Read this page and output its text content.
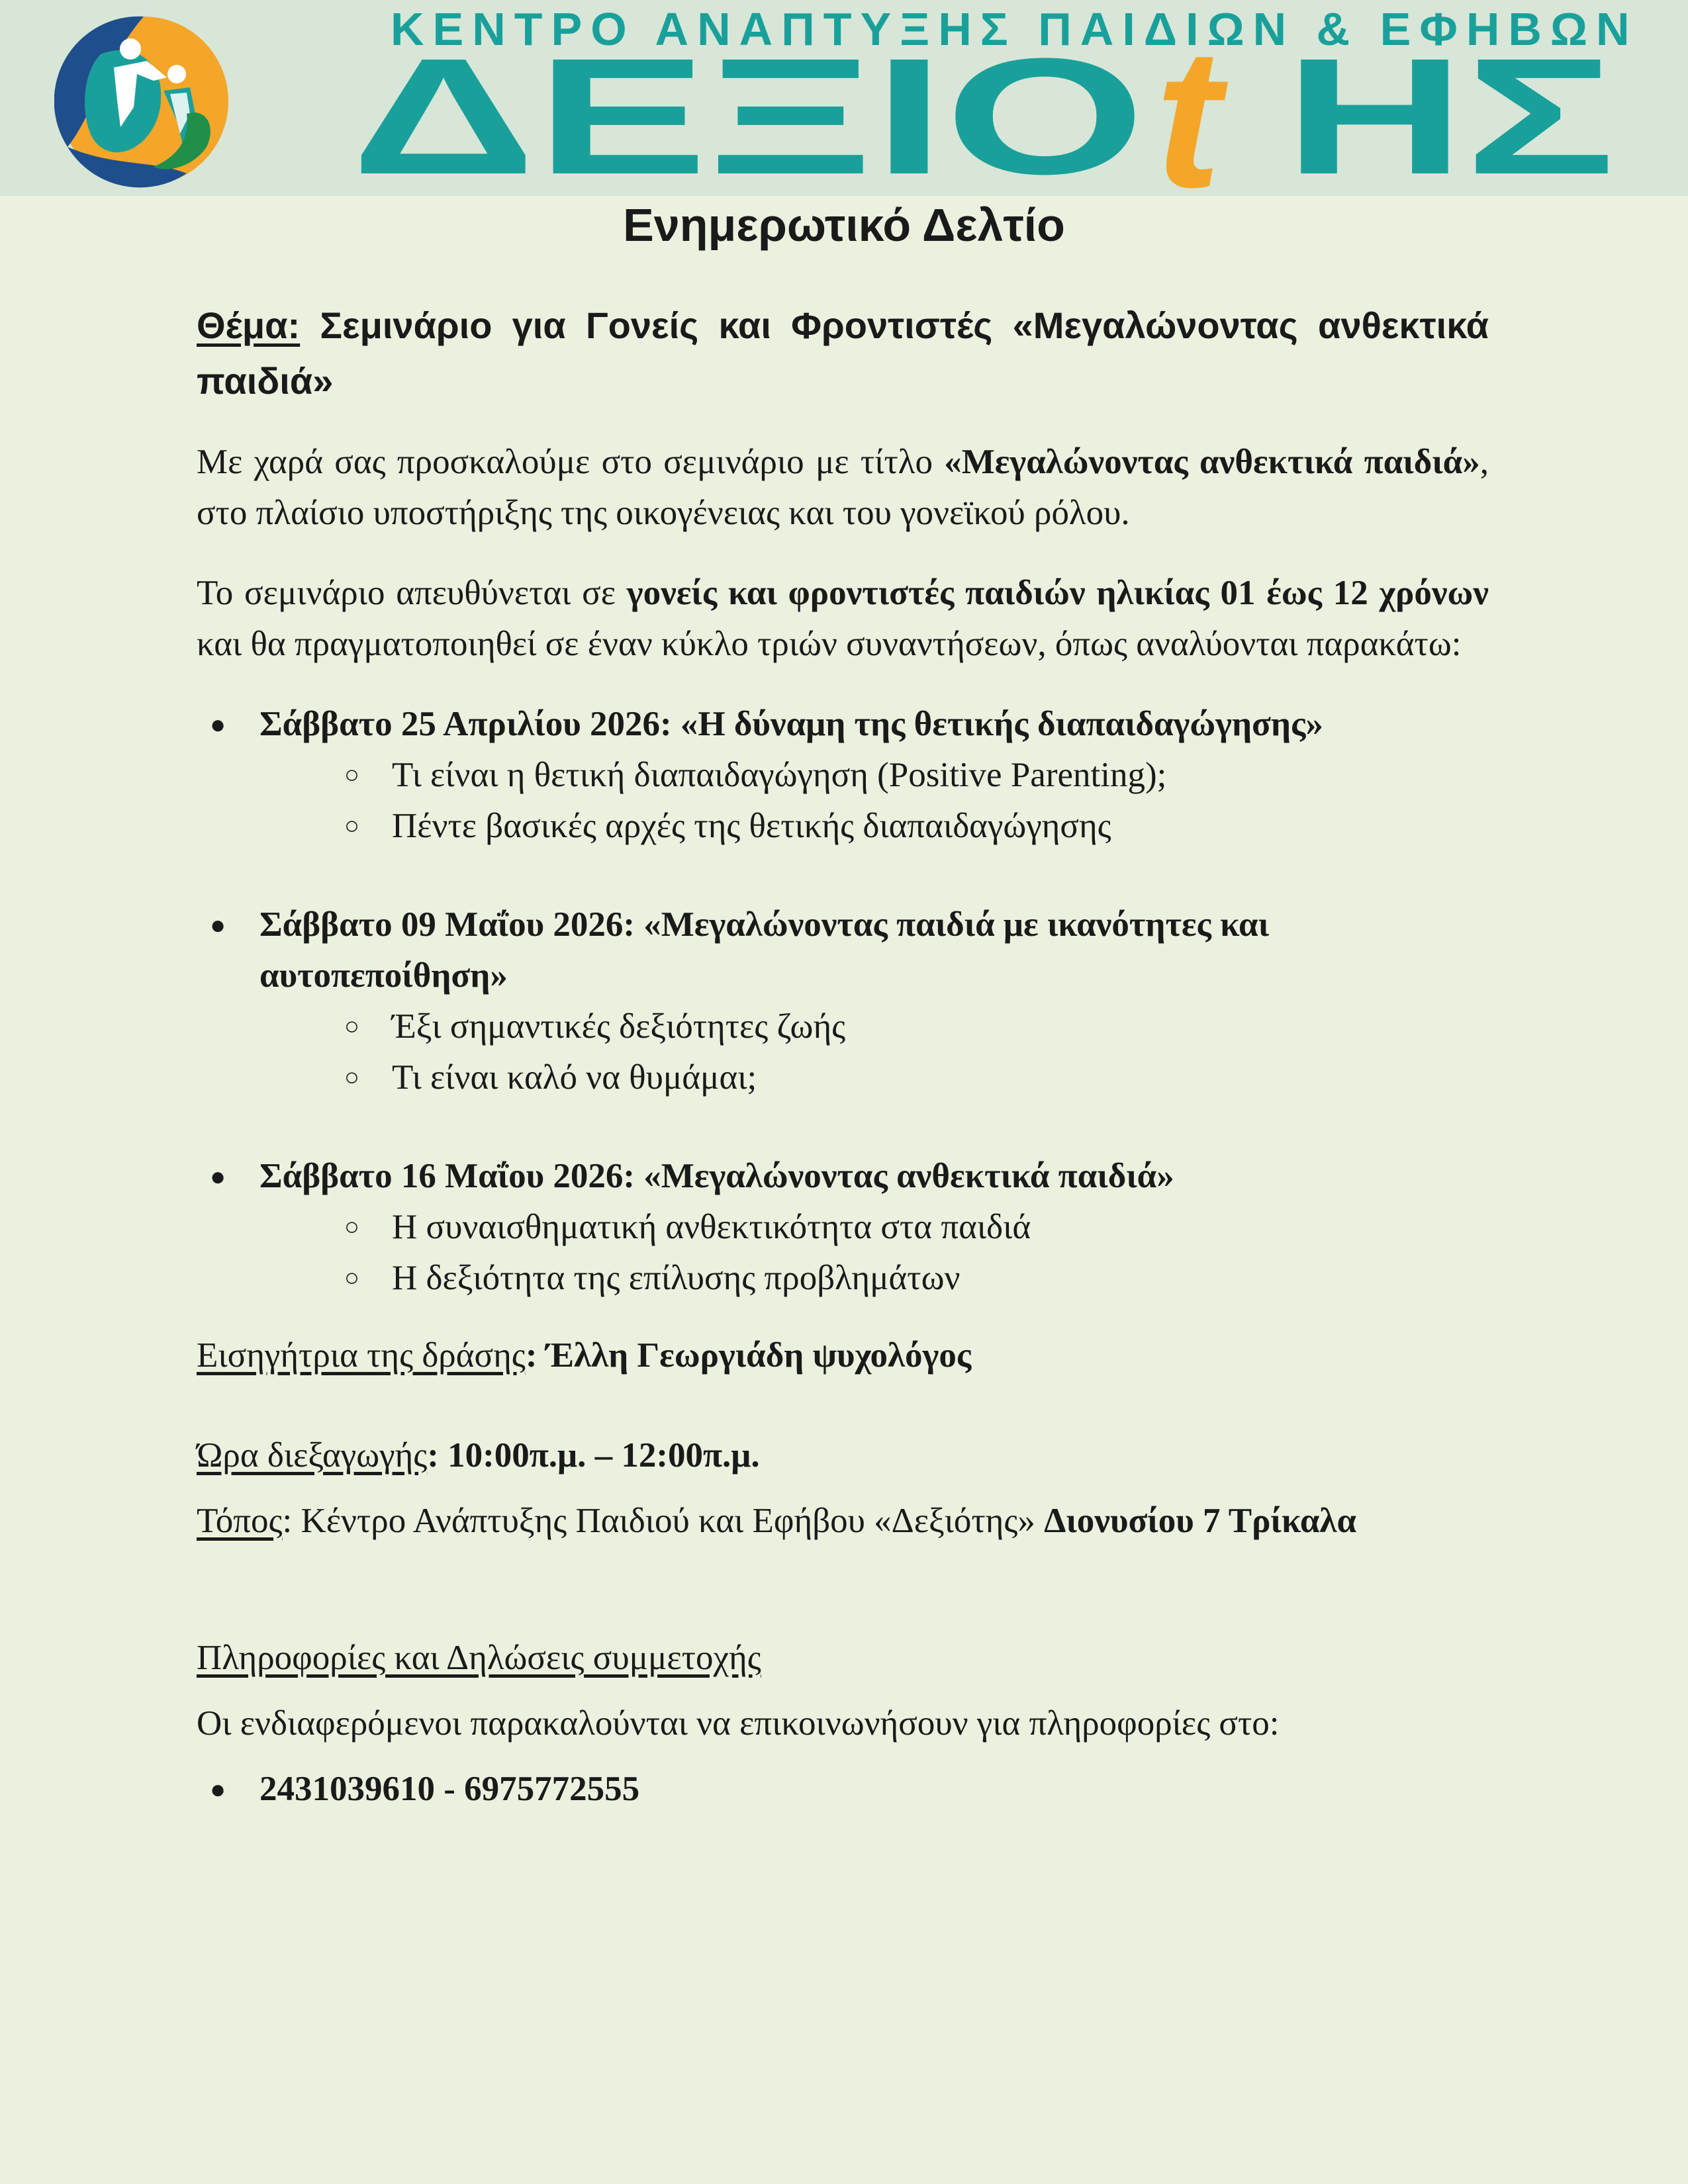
ΚΕΝΤΡΟ ΑΝΑΠΤΥΞΗΣ ΠΑΙΔΙΩΝ & ΕΦΗΒΩΝ
ΔΕΞΙΟ t ΗΣ
Ενημερωτικό Δελτίο

Θέμα: Σεμινάριο για Γονείς και Φροντιστές «Μεγαλώνοντας ανθεκτικά παιδιά»

Με χαρά σας προσκαλούμε στο σεμινάριο με τίτλο «Μεγαλώνοντας ανθεκτικά παιδιά», στο πλαίσιο υποστήριξης της οικογένειας και του γονεϊκού ρόλου.

Το σεμινάριο απευθύνεται σε γονείς και φροντιστές παιδιών ηλικίας 01 έως 12 χρόνων και θα πραγματοποιηθεί σε έναν κύκλο τριών συναντήσεων, όπως αναλύονται παρακάτω:

● Σάββατο 25 Απριλίου 2026: «Η δύναμη της θετικής διαπαιδαγώγησης»
○ Τι είναι η θετική διαπαιδαγώγηση (Positive Parenting);
○ Πέντε βασικές αρχές της θετικής διαπαιδαγώγησης
● Σάββατο 09 Μαΐου 2026: «Μεγαλώνοντας παιδιά με ικανότητες και αυτοπεποίθηση»
○ Έξι σημαντικές δεξιότητες ζωής
○ Τι είναι καλό να θυμάμαι;
● Σάββατο 16 Μαΐου 2026: «Μεγαλώνοντας ανθεκτικά παιδιά»
○ Η συναισθηματική ανθεκτικότητα στα παιδιά
○ Η δεξιότητα της επίλυσης προβλημάτων

Εισηγήτρια της δράσης: Έλλη Γεωργιάδη ψυχολόγος

Ώρα διεξαγωγής: 10:00π.μ. – 12:00π.μ.

Τόπος: Κέντρο Ανάπτυξης Παιδιού και Εφήβου «Δεξιότης» Διονυσίου 7 Τρίκαλα

Πληροφορίες και Δηλώσεις συμμετοχής

Οι ενδιαφερόμενοι παρακαλούνται να επικοινωνήσουν για πληροφορίες στο:

● 2431039610 - 6975772555
